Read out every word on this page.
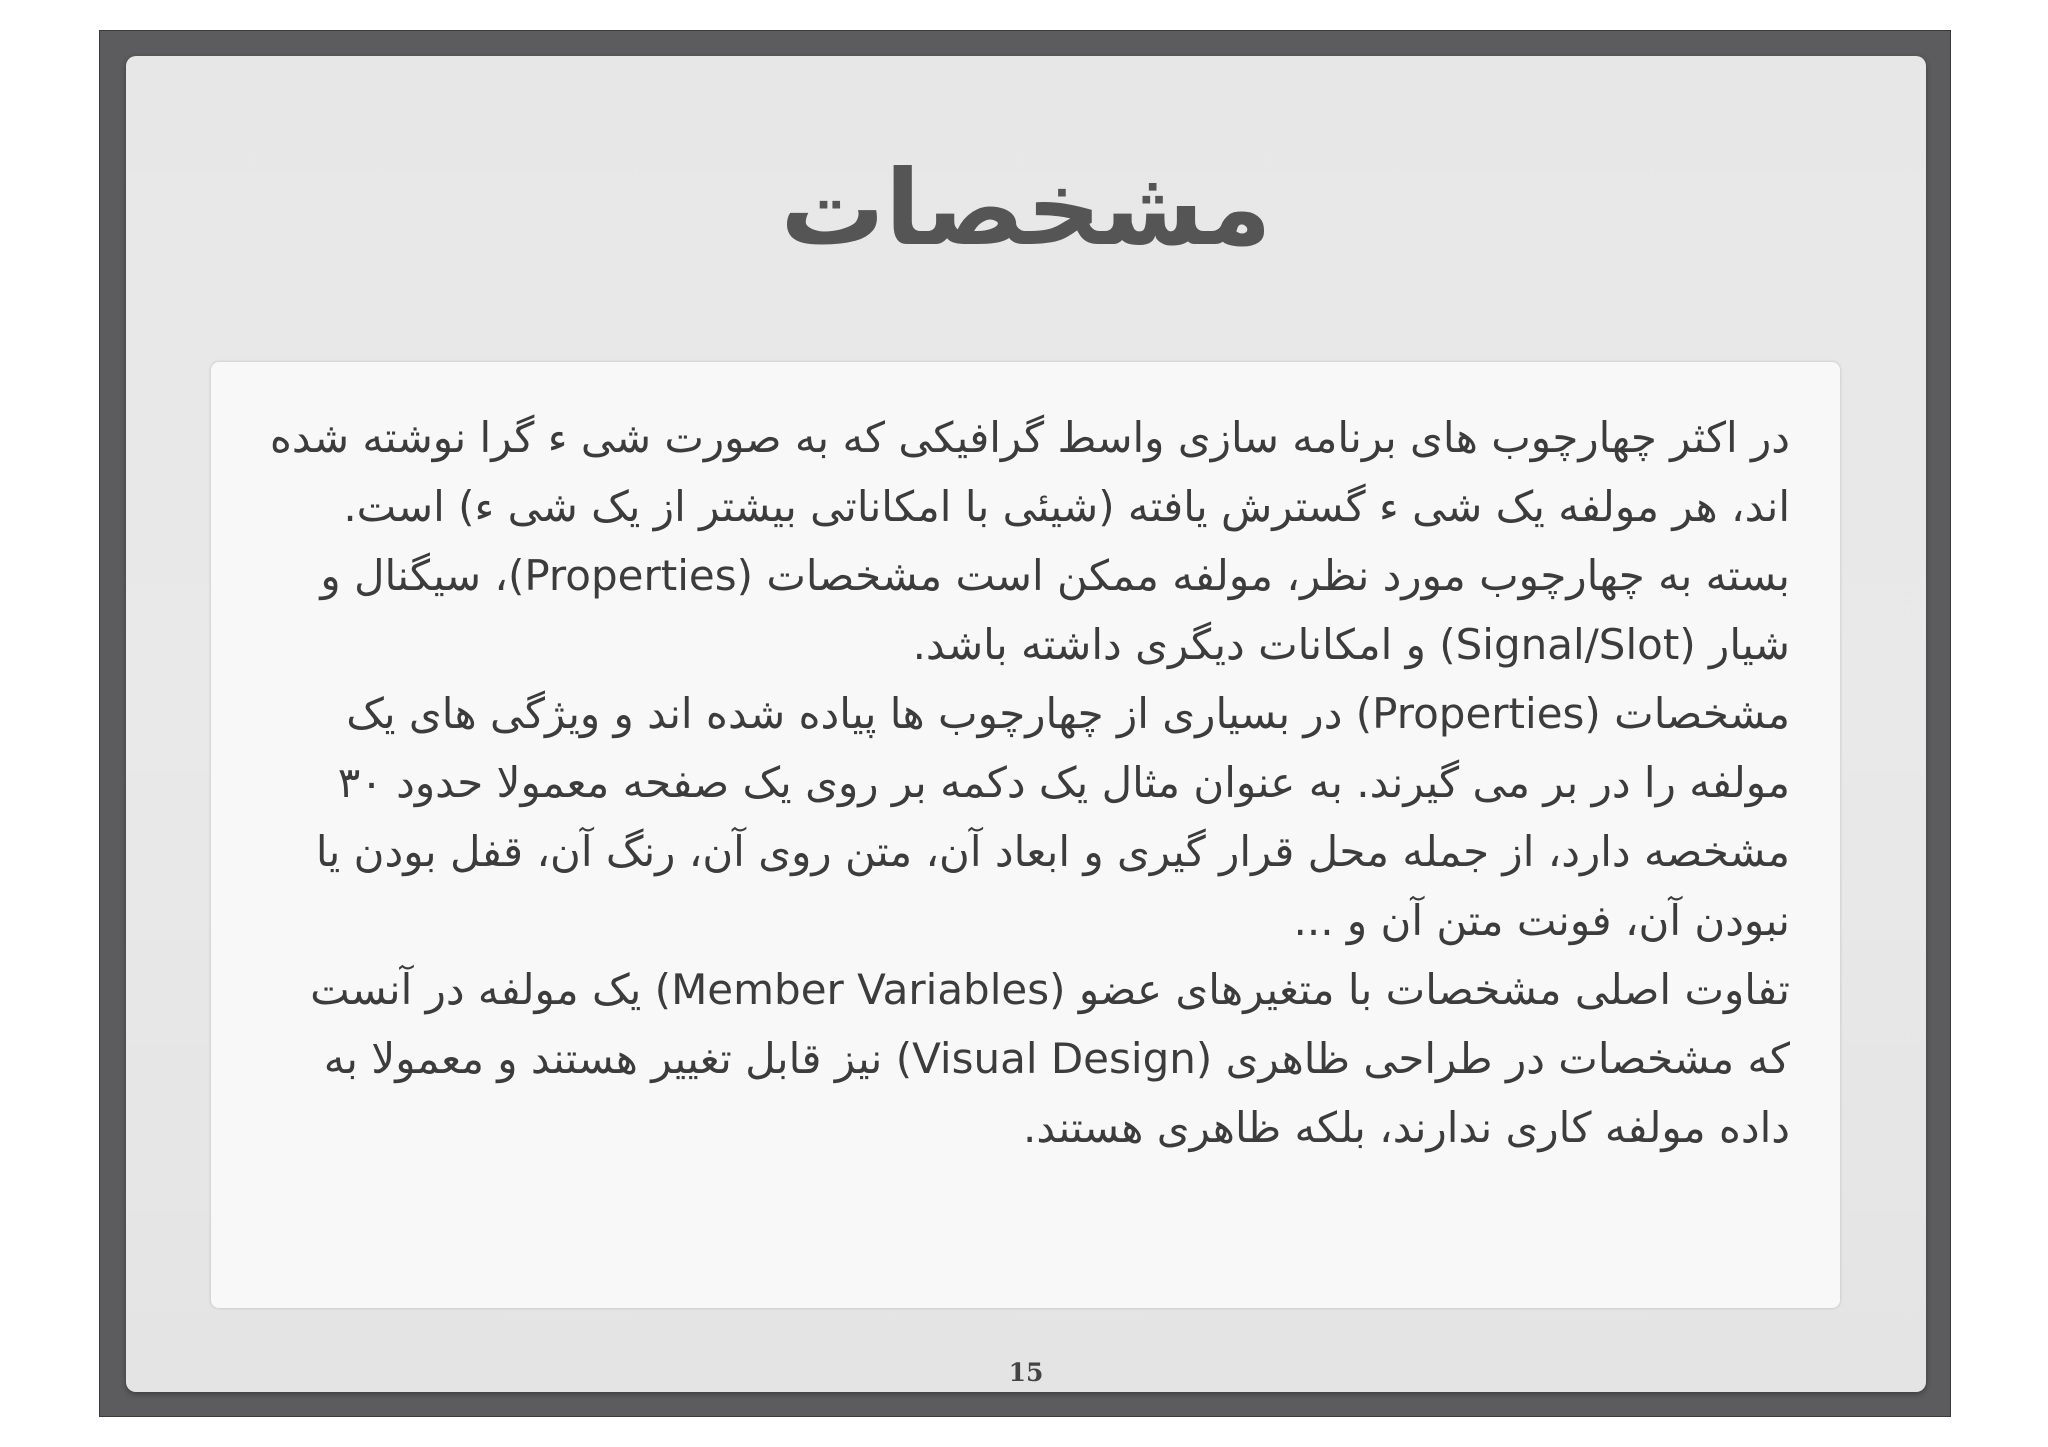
مشخصات
در اکثر چهارچوب های برنامه سازی واسط گرافیکی که به صورت شی ء گرا نوشته شده اند، هر مولفه یک شی ء گسترش یافته (شیئی با امکاناتی بیشتر از یک شی ء) است. بسته به چهارچوب مورد نظر، مولفه ممکن است مشخصات (Properties)، سیگنال و شیار (Signal/Slot) و امکانات دیگری داشته باشد.
مشخصات (Properties) در بسیاری از چهارچوب ها پیاده شده اند و ویژگی های یک مولفه را در بر می گیرند. به عنوان مثال یک دکمه بر روی یک صفحه معمولا حدود ۳۰ مشخصه دارد، از جمله محل قرار گیری و ابعاد آن، متن روی آن، رنگ آن، قفل بودن یا نبودن آن، فونت متن آن و ...
تفاوت اصلی مشخصات با متغیرهای عضو (Member Variables) یک مولفه در آنست که مشخصات در طراحی ظاهری (Visual Design) نیز قابل تغییر هستند و معمولا به داده مولفه کاری ندارند، بلکه ظاهری هستند.
15
